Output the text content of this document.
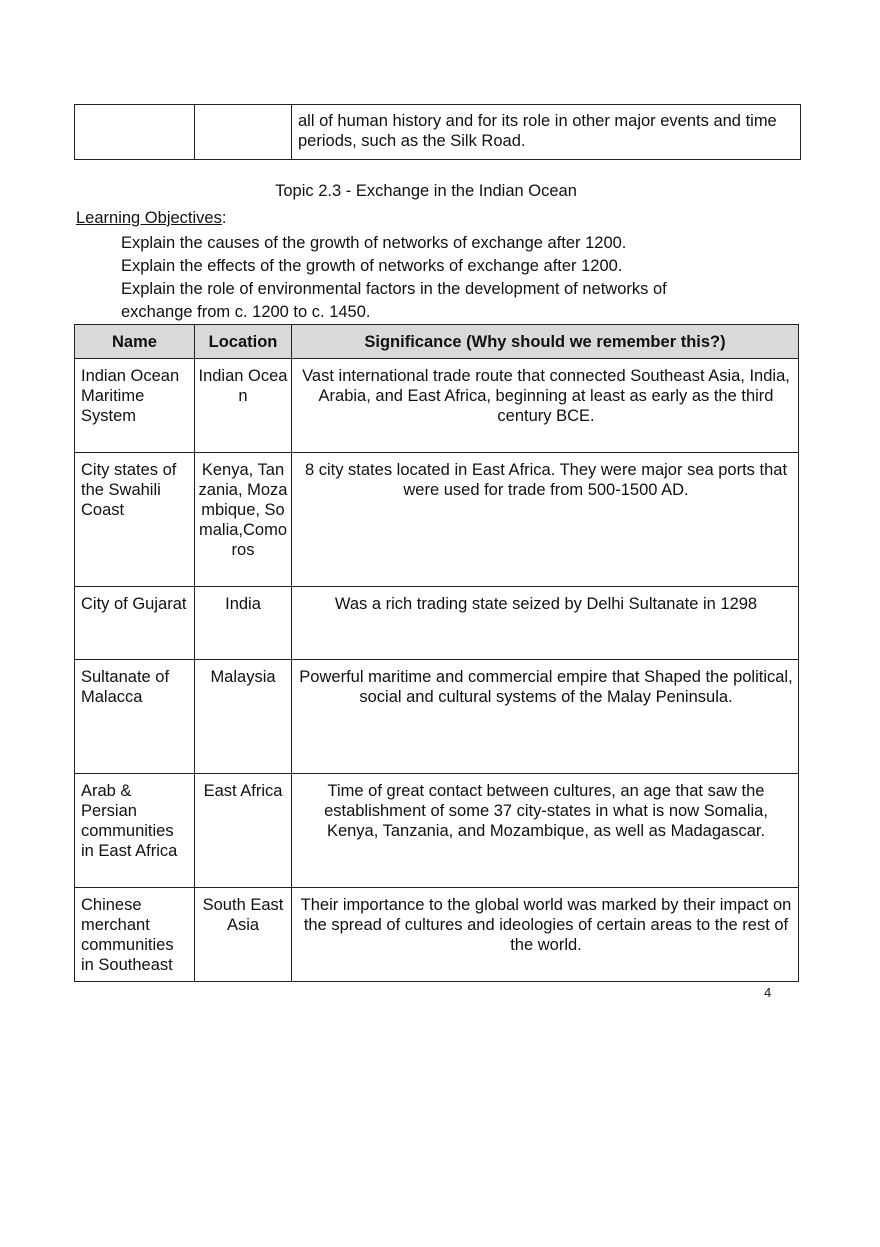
		all of human history and for its role in other major events and time periods, such as the Silk Road.
Topic 2.3 - Exchange in the Indian Ocean
Learning Objectives:
Explain the causes of the growth of networks of exchange after 1200.
Explain the effects of the growth of networks of exchange after 1200.
Explain the role of environmental factors in the development of networks of exchange from c. 1200 to c. 1450.
Name	Location	Significance (Why should we remember this?)
Indian Ocean Maritime System	Indian Ocean	Vast international trade route that connected Southeast Asia, India, Arabia, and East Africa, beginning at least as early as the third century BCE.
City states of the Swahili Coast	Kenya, Tanzania, Mozambique, Somalia,Comoros	8 city states located in East Africa. They were major sea ports that were used for trade from 500-1500 AD.
City of Gujarat	India	Was a rich trading state seized by Delhi Sultanate in 1298
Sultanate of Malacca	Malaysia	Powerful maritime and commercial empire that Shaped the political, social and cultural systems of the Malay Peninsula.
Arab & Persian communities in East Africa	East Africa	Time of great contact between cultures, an age that saw the establishment of some 37 city-states in what is now Somalia, Kenya, Tanzania, and Mozambique, as well as Madagascar.
Chinese merchant communities in Southeast	South East Asia	Their importance to the global world was marked by their impact on the spread of cultures and ideologies of certain areas to the rest of the world.
4
